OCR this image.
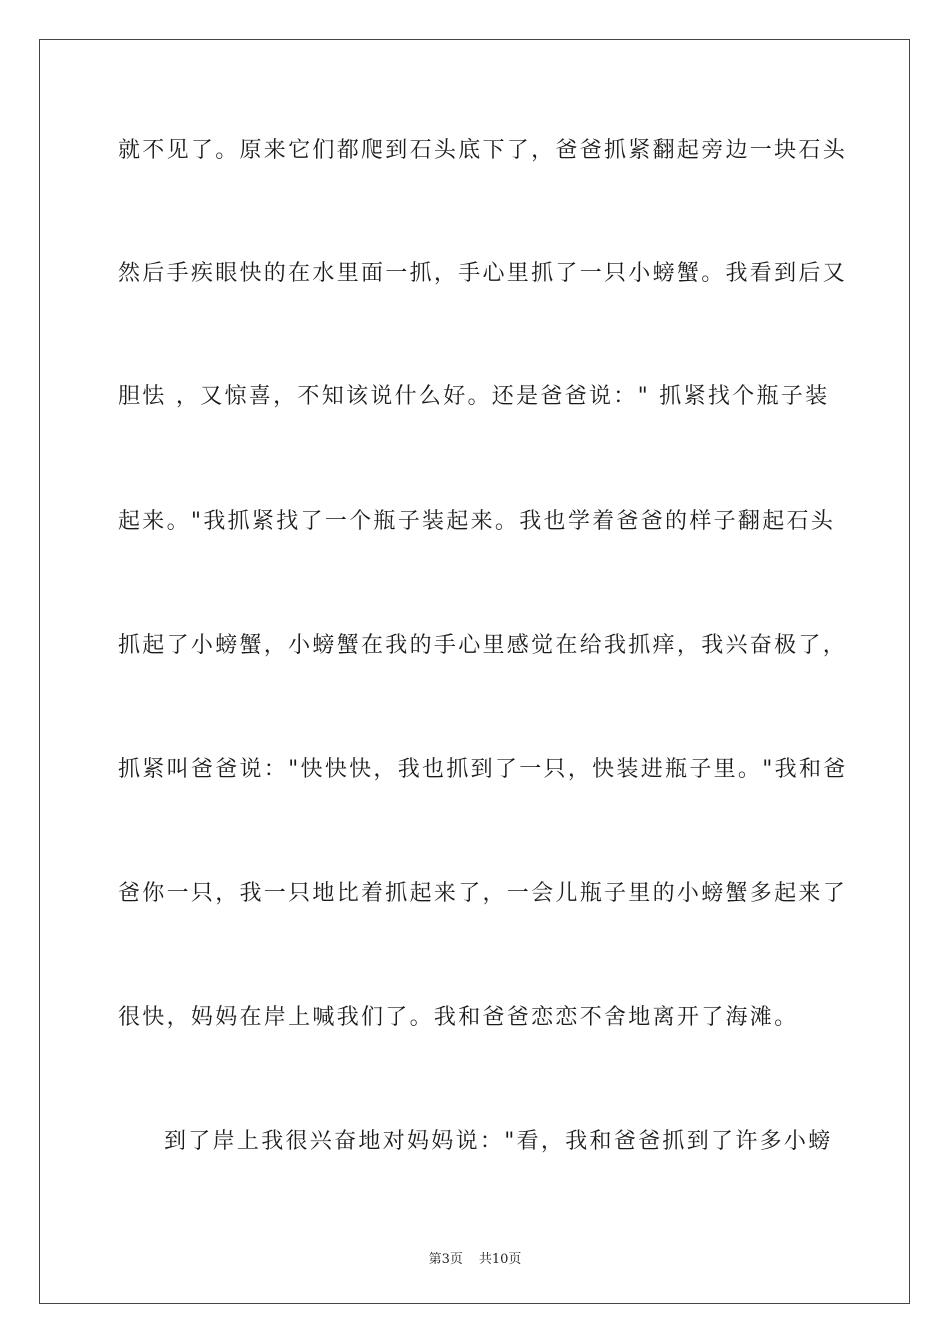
就不见了。原来它们都爬到石头底下了，爸爸抓紧翻起旁边一块石头
然后手疾眼快的在水里面一抓，手心里抓了一只小螃蟹。我看到后又
胆怯 ，又惊喜，不知该说什么好。还是爸爸说：" 抓紧找个瓶子装
起来。"我抓紧找了一个瓶子装起来。我也学着爸爸的样子翻起石头
抓起了小螃蟹，小螃蟹在我的手心里感觉在给我抓痒，我兴奋极了，
抓紧叫爸爸说："快快快，我也抓到了一只，快装进瓶子里。"我和爸
爸你一只，我一只地比着抓起来了，一会儿瓶子里的小螃蟹多起来了
很快，妈妈在岸上喊我们了。我和爸爸恋恋不舍地离开了海滩。
到了岸上我很兴奋地对妈妈说："看，我和爸爸抓到了许多小螃
第3页 共10页
